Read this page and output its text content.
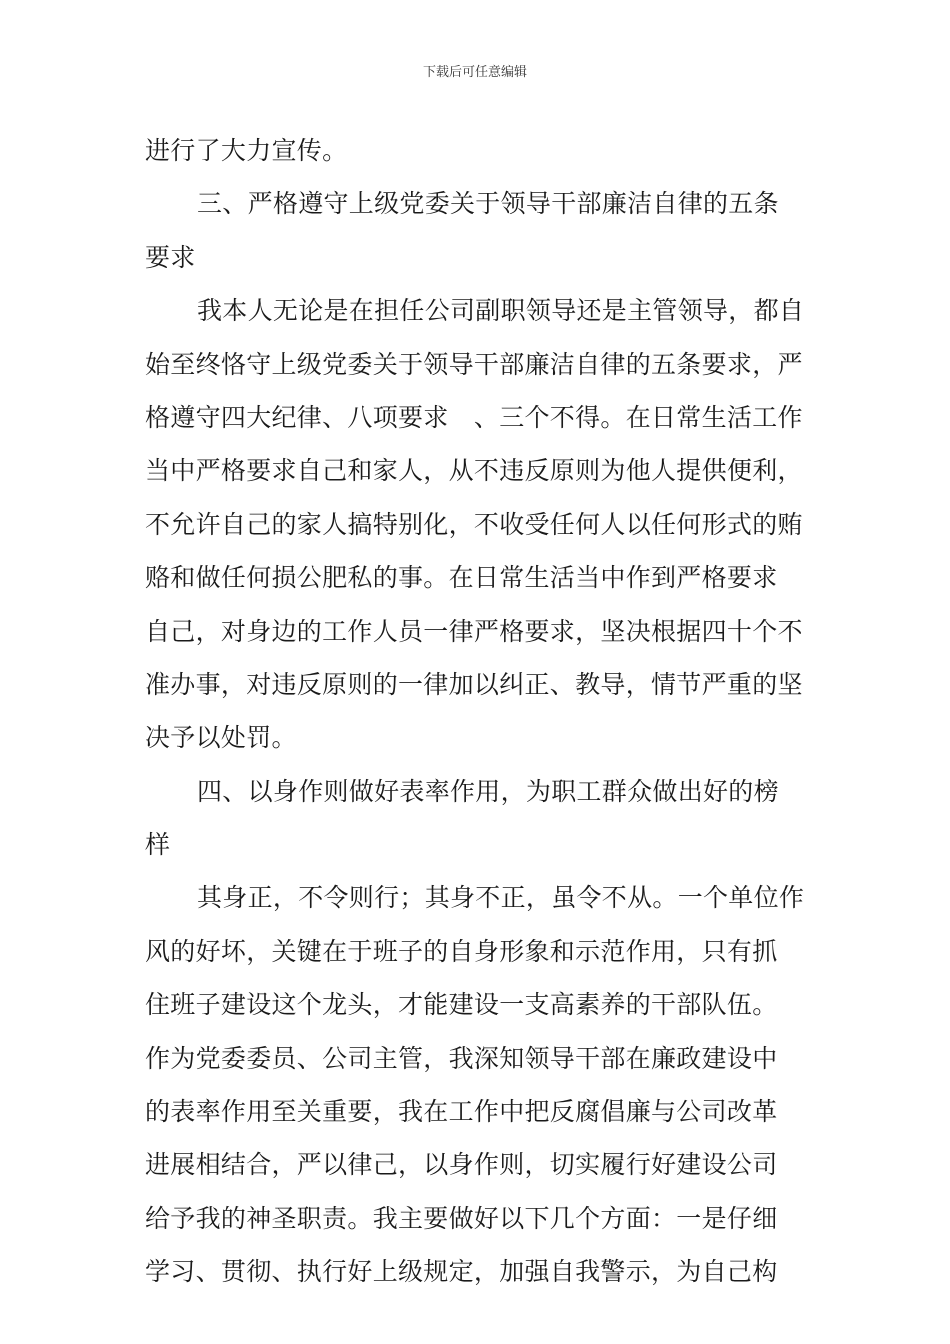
下载后可任意编辑
进行了大力宣传。
三、严格遵守上级党委关于领导干部廉洁自律的五条
要求
我本人无论是在担任公司副职领导还是主管领导，都自
始至终恪守上级党委关于领导干部廉洁自律的五条要求，严
格遵守四大纪律、八项要求　、三个不得。在日常生活工作
当中严格要求自己和家人，从不违反原则为他人提供便利，
不允许自己的家人搞特别化，不收受任何人以任何形式的贿
赂和做任何损公肥私的事。在日常生活当中作到严格要求
自己，对身边的工作人员一律严格要求，坚决根据四十个不
准办事，对违反原则的一律加以纠正、教导，情节严重的坚
决予以处罚。
四、以身作则做好表率作用，为职工群众做出好的榜
样
其身正，不令则行；其身不正，虽令不从。一个单位作
风的好坏，关键在于班子的自身形象和示范作用，只有抓
住班子建设这个龙头，才能建设一支高素养的干部队伍。
作为党委委员、公司主管，我深知领导干部在廉政建设中
的表率作用至关重要，我在工作中把反腐倡廉与公司改革
进展相结合，严以律己，以身作则，切实履行好建设公司
给予我的神圣职责。我主要做好以下几个方面：一是仔细
学习、贯彻、执行好上级规定，加强自我警示，为自己构
